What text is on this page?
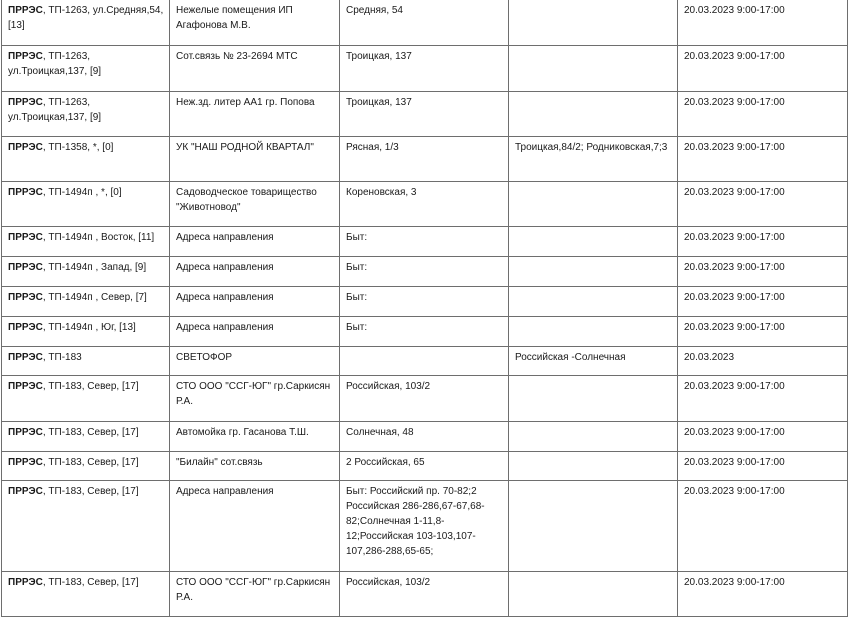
ПРРЭС, ТП-1263, ул.Средняя,54, [13]	Нежелые помещения ИП Агафонова М.В.	Средняя, 54		20.03.2023 9:00-17:00
ПРРЭС, ТП-1263, ул.Троицкая,137, [9]	Сот.связь № 23-2694 МТС	Троицкая, 137		20.03.2023 9:00-17:00
ПРРЭС, ТП-1263, ул.Троицкая,137, [9]	Неж.зд. литер АА1 гр. Попова	Троицкая, 137		20.03.2023 9:00-17:00
ПРРЭС, ТП-1358, *, [0]	УК "НАШ РОДНОЙ КВАРТАЛ"	Рясная, 1/3	Троицкая,84/2; Родниковская,7;3	20.03.2023 9:00-17:00
ПРРЭС, ТП-1494п , *, [0]	Садоводческое товарищество "Животновод"	Кореновская, 3		20.03.2023 9:00-17:00
ПРРЭС, ТП-1494п , Восток, [11]	Адреса направления	Быт:		20.03.2023 9:00-17:00
ПРРЭС, ТП-1494п , Запад, [9]	Адреса направления	Быт:		20.03.2023 9:00-17:00
ПРРЭС, ТП-1494п , Север, [7]	Адреса направления	Быт:		20.03.2023 9:00-17:00
ПРРЭС, ТП-1494п , Юг, [13]	Адреса направления	Быт:		20.03.2023 9:00-17:00
ПРРЭС, ТП-183	СВЕТОФОР		Российская -Солнечная	20.03.2023
ПРРЭС, ТП-183, Север, [17]	СТО ООО "ССГ-ЮГ" гр.Саркисян Р.А.	Российская, 103/2		20.03.2023 9:00-17:00
ПРРЭС, ТП-183, Север, [17]	Автомойка гр. Гасанова Т.Ш.	Солнечная, 48		20.03.2023 9:00-17:00
ПРРЭС, ТП-183, Север, [17]	"Билайн" сот.связь	2 Российская, 65		20.03.2023 9:00-17:00
ПРРЭС, ТП-183, Север, [17]	Адреса направления	Быт: Российский пр. 70-82;2 Российская 286-286,67-67,68-82;Солнечная 1-11,8-12;Российская 103-103,107-107,286-288,65-65;		20.03.2023 9:00-17:00
ПРРЭС, ТП-183, Север, [17]	СТО ООО "ССГ-ЮГ" гр.Саркисян Р.А.	Российская, 103/2		20.03.2023 9:00-17:00
